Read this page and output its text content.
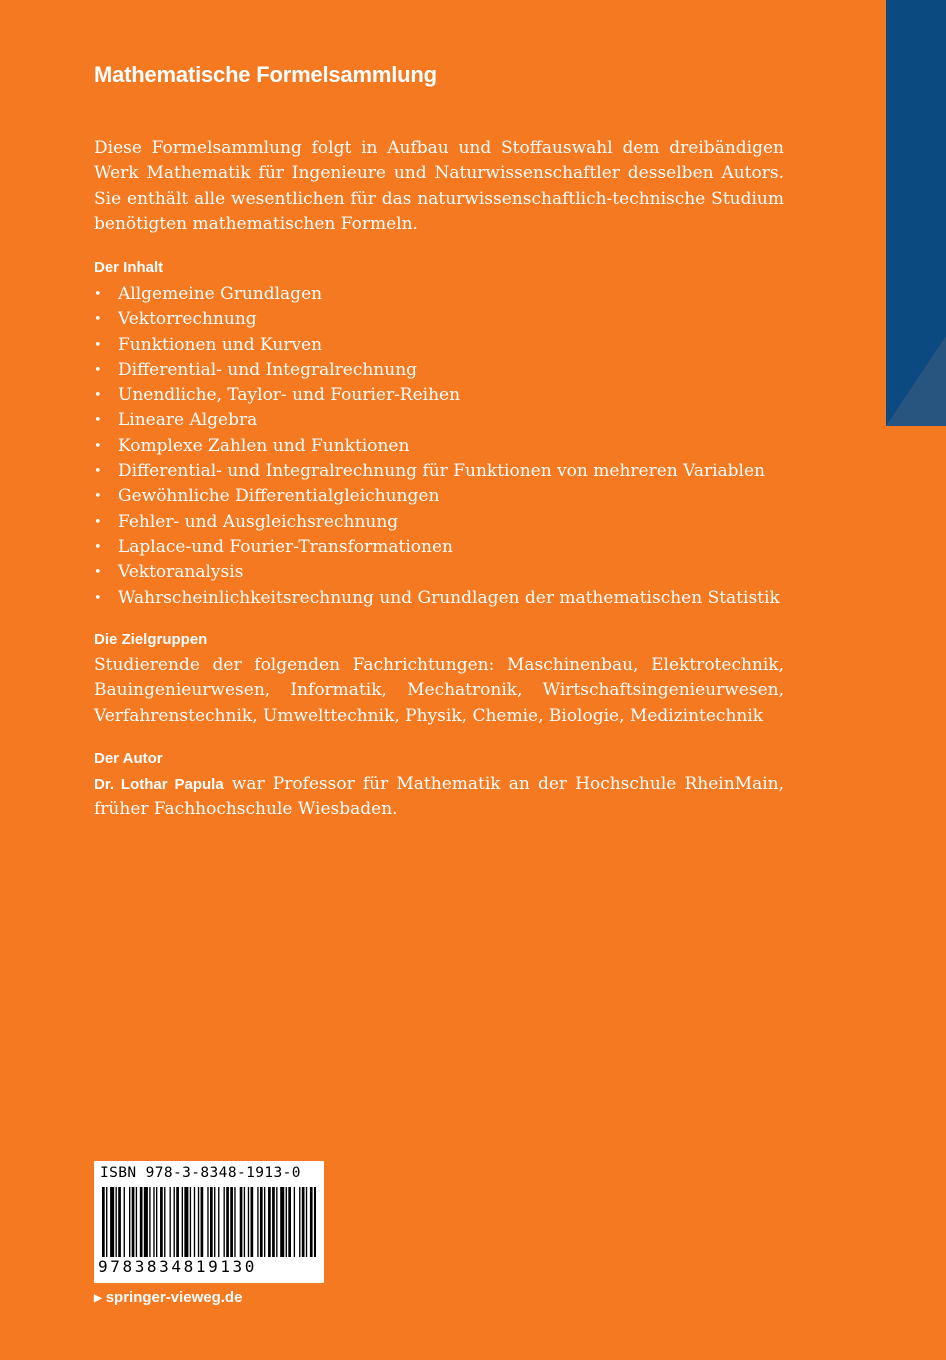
Mathematische Formelsammlung
Diese Formelsammlung folgt in Aufbau und Stoffauswahl dem dreibändigen Werk Mathematik für Ingenieure und Naturwissenschaftler desselben Autors. Sie enthält alle wesentlichen für das naturwissenschaftlich-technische Studium benötigten mathematischen Formeln.
Der Inhalt
• Allgemeine Grundlagen
• Vektorrechnung
• Funktionen und Kurven
• Differential- und Integralrechnung
• Unendliche, Taylor- und Fourier-Reihen
• Lineare Algebra
• Komplexe Zahlen und Funktionen
• Differential- und Integralrechnung für Funktionen von mehreren Variablen
• Gewöhnliche Differentialgleichungen
• Fehler- und Ausgleichsrechnung
• Laplace-und Fourier-Transformationen
• Vektoranalysis
• Wahrscheinlichkeitsrechnung und Grundlagen der mathematischen Statistik
Die Zielgruppen
Studierende der folgenden Fachrichtungen: Maschinenbau, Elektrotechnik, Bauingenieurwesen, Informatik, Mechatronik, Wirtschaftsingenieurwesen, Verfahrenstechnik, Umwelttechnik, Physik, Chemie, Biologie, Medizintechnik
Der Autor
Dr. Lothar Papula war Professor für Mathematik an der Hochschule RheinMain, früher Fachhochschule Wiesbaden.
ISBN 978-3-8348-1913-0
9783834819130
▶ springer-vieweg.de
